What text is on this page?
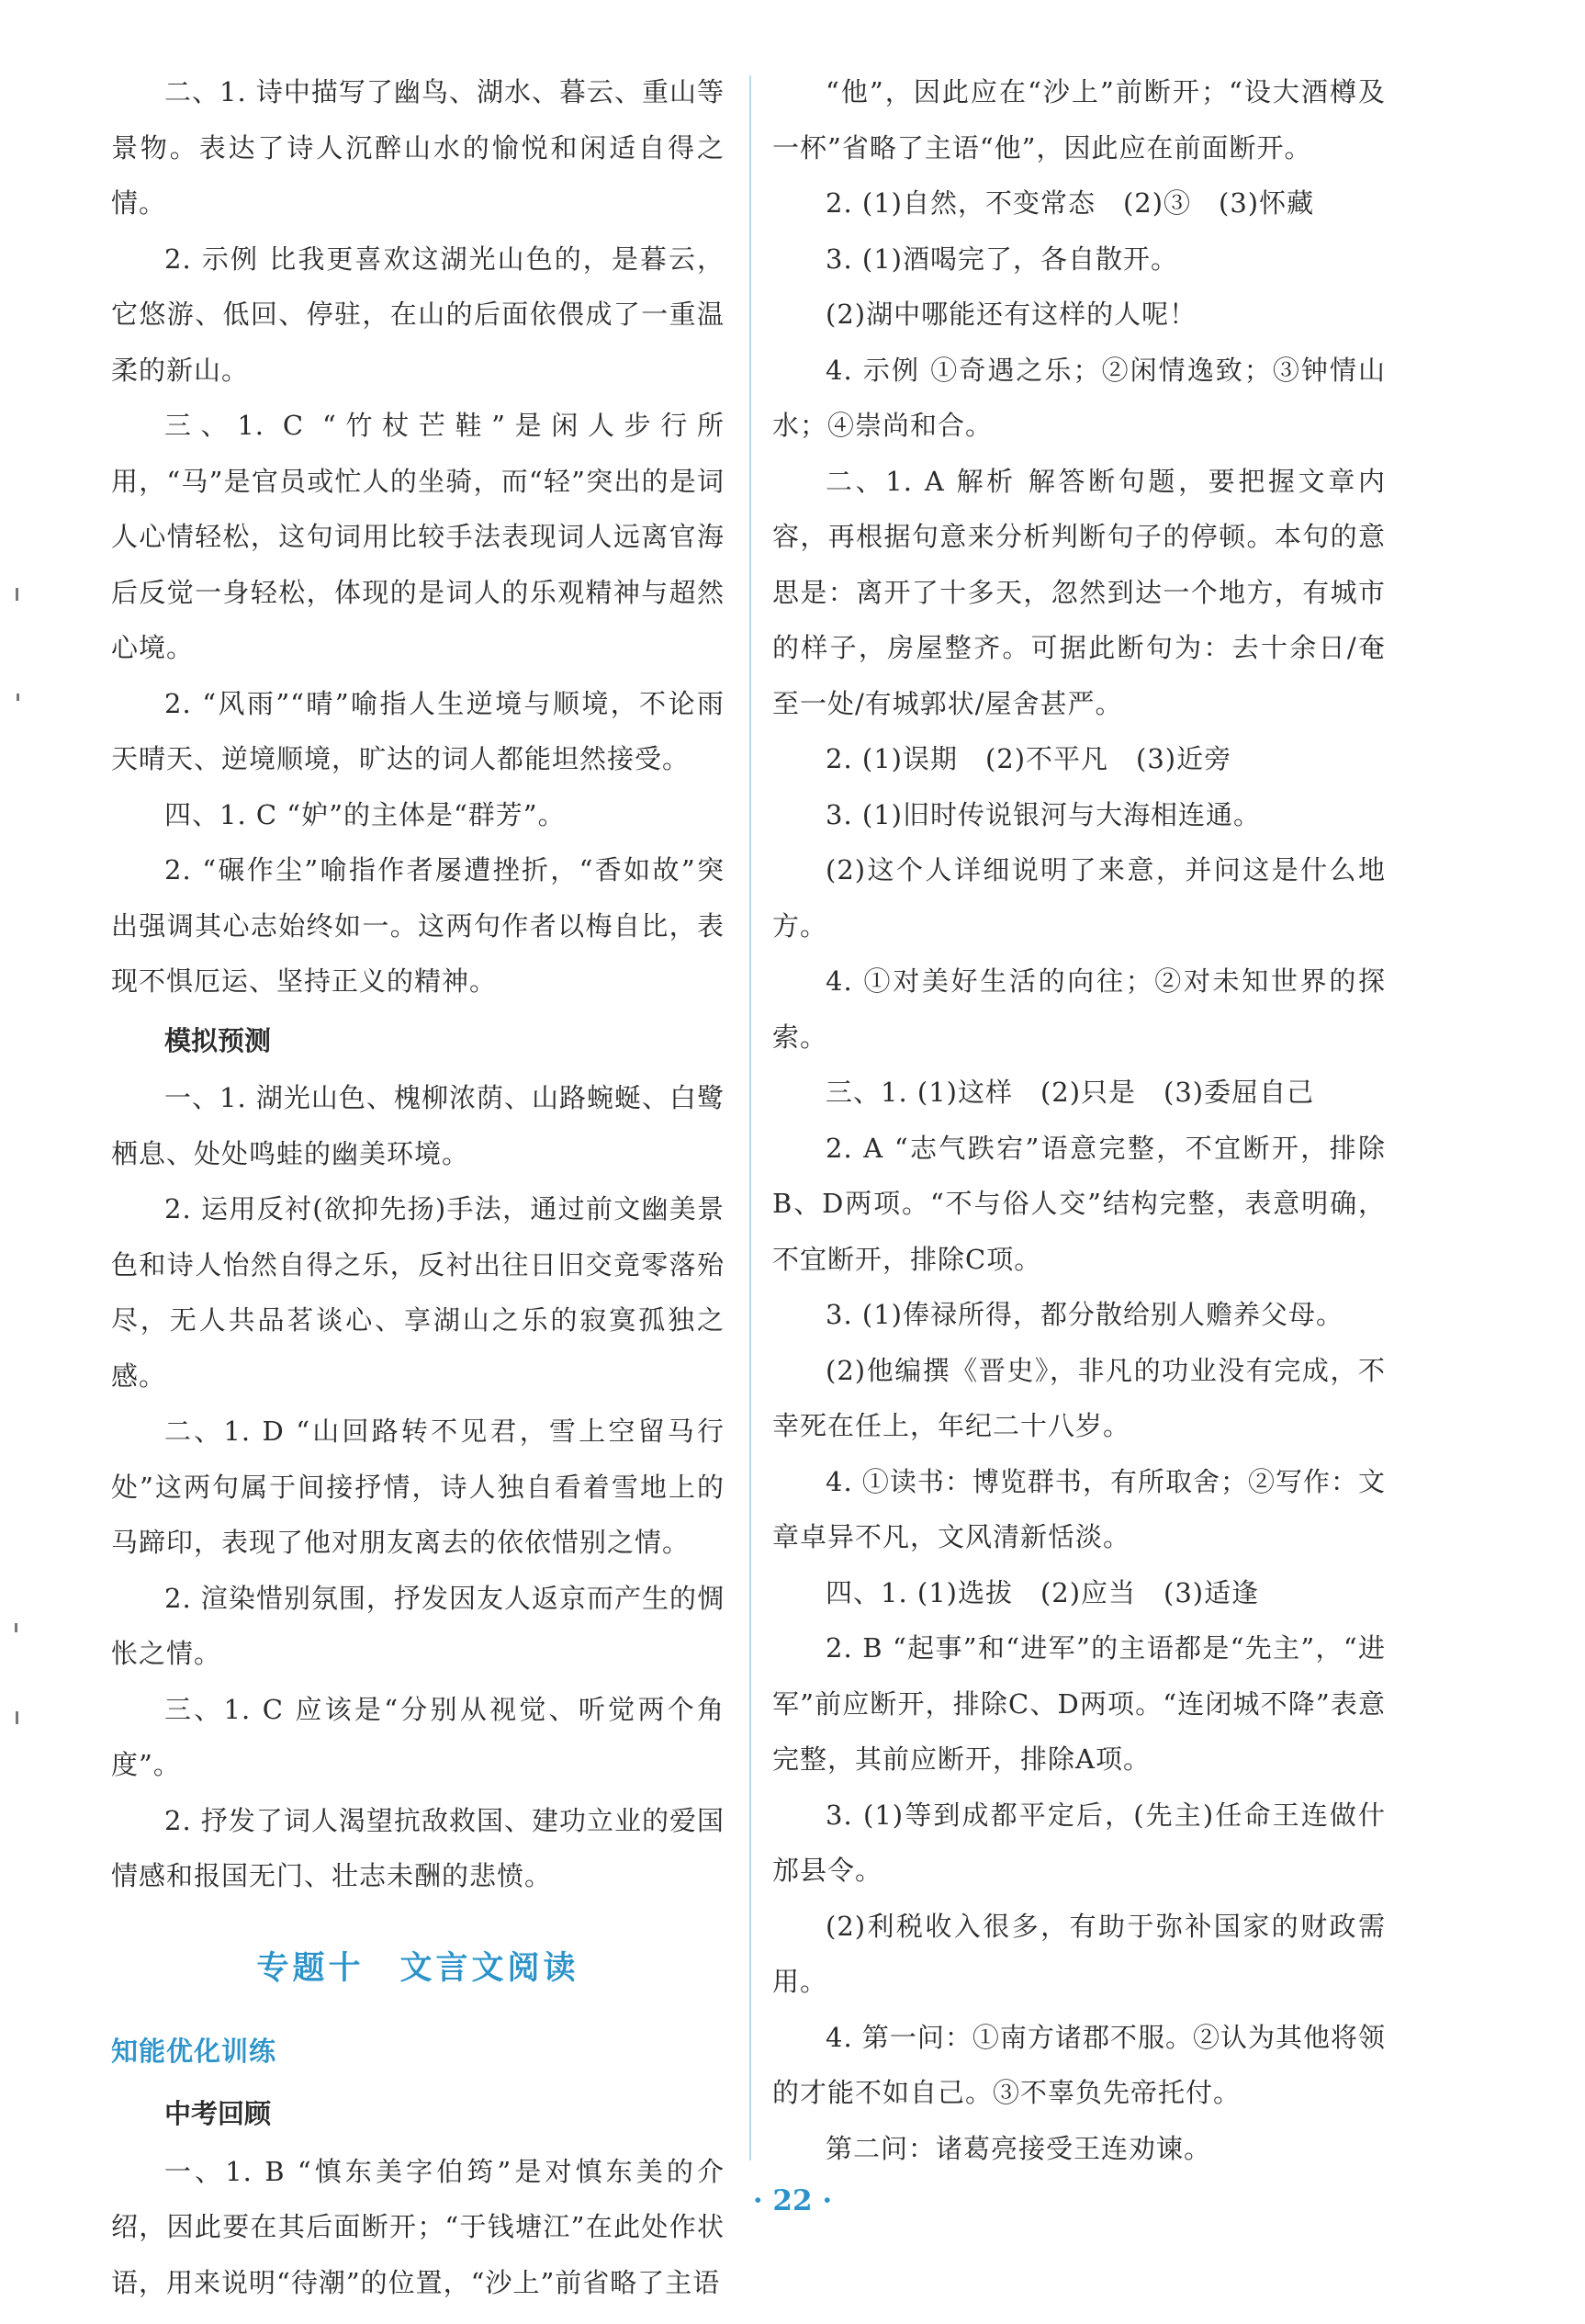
二、1. 诗中描写了幽鸟、湖水、暮云、重山等景物。表达了诗人沉醉山水的愉悦和闲适自得之情。

2. 示例 比我更喜欢这湖光山色的，是暮云，它悠游、低回、停驻，在山的后面依偎成了一重温柔的新山。

三、1. C “竹杖芒鞋”是闲人步行所用，“马”是官员或忙人的坐骑，而“轻”突出的是词人心情轻松，这句词用比较手法表现词人远离官海后反觉一身轻松，体现的是词人的乐观精神与超然心境。

2. “风雨”“晴”喻指人生逆境与顺境，不论雨天晴天、逆境顺境，旷达的词人都能坦然接受。

四、1. C “妒”的主体是“群芳”。

2. “碾作尘”喻指作者屡遭挫折，“香如故”突出强调其心志始终如一。这两句作者以梅自比，表现不惧厄运、坚持正义的精神。

模拟预测

一、1. 湖光山色、槐柳浓荫、山路蜿蜒、白鹭栖息、处处鸣蛙的幽美环境。

2. 运用反衬(欲抑先扬)手法，通过前文幽美景色和诗人怡然自得之乐，反衬出往日旧交竟零落殆尽，无人共品茗谈心、享湖山之乐的寂寞孤独之感。

二、1. D “山回路转不见君，雪上空留马行处”这两句属于间接抒情，诗人独自看着雪地上的马蹄印，表现了他对朋友离去的依依惜别之情。

2. 渲染惜别氛围，抒发因友人返京而产生的惆怅之情。

三、1. C 应该是“分别从视觉、听觉两个角度”。

2. 抒发了词人渴望抗敌救国、建功立业的爱国情感和报国无门、壮志未酬的悲愤。

专题十　文言文阅读
知能优化训练
中考回顾

一、1. B “慎东美字伯筠”是对慎东美的介绍，因此要在其后面断开；“于钱塘江”在此处作状语，用来说明“待潮”的位置，“沙上”前省略了主语

“他”，因此应在“沙上”前断开；“设大酒樽及一杯”省略了主语“他”，因此应在前面断开。

2. (1)自然，不变常态　(2)③　(3)怀藏

3. (1)酒喝完了，各自散开。

(2)湖中哪能还有这样的人呢！

4. 示例 ①奇遇之乐；②闲情逸致；③钟情山水；④崇尚和合。

二、1. A 解析 解答断句题，要把握文章内容，再根据句意来分析判断句子的停顿。本句的意思是：离开了十多天，忽然到达一个地方，有城市的样子，房屋整齐。可据此断句为：去十余日/奄至一处/有城郭状/屋舍甚严。

2. (1)误期　(2)不平凡　(3)近旁

3. (1)旧时传说银河与大海相连通。

(2)这个人详细说明了来意，并问这是什么地方。

4. ①对美好生活的向往；②对未知世界的探索。

三、1. (1)这样　(2)只是　(3)委屈自己

2. A “志气跌宕”语意完整，不宜断开，排除B、D两项。“不与俗人交”结构完整，表意明确，不宜断开，排除C项。

3. (1)俸禄所得，都分散给别人赡养父母。

(2)他编撰《晋史》，非凡的功业没有完成，不幸死在任上，年纪二十八岁。

4. ①读书：博览群书，有所取舍；②写作：文章卓异不凡，文风清新恬淡。

四、1. (1)选拔　(2)应当　(3)适逢

2. B “起事”和“进军”的主语都是“先主”，“进军”前应断开，排除C、D两项。“连闭城不降”表意完整，其前应断开，排除A项。

3. (1)等到成都平定后，(先主)任命王连做什邡县令。

(2)利税收入很多，有助于弥补国家的财政需用。

4. 第一问：①南方诸郡不服。②认为其他将领的才能不如自己。③不辜负先帝托付。

第二问：诸葛亮接受王连劝谏。

· 22 ·
